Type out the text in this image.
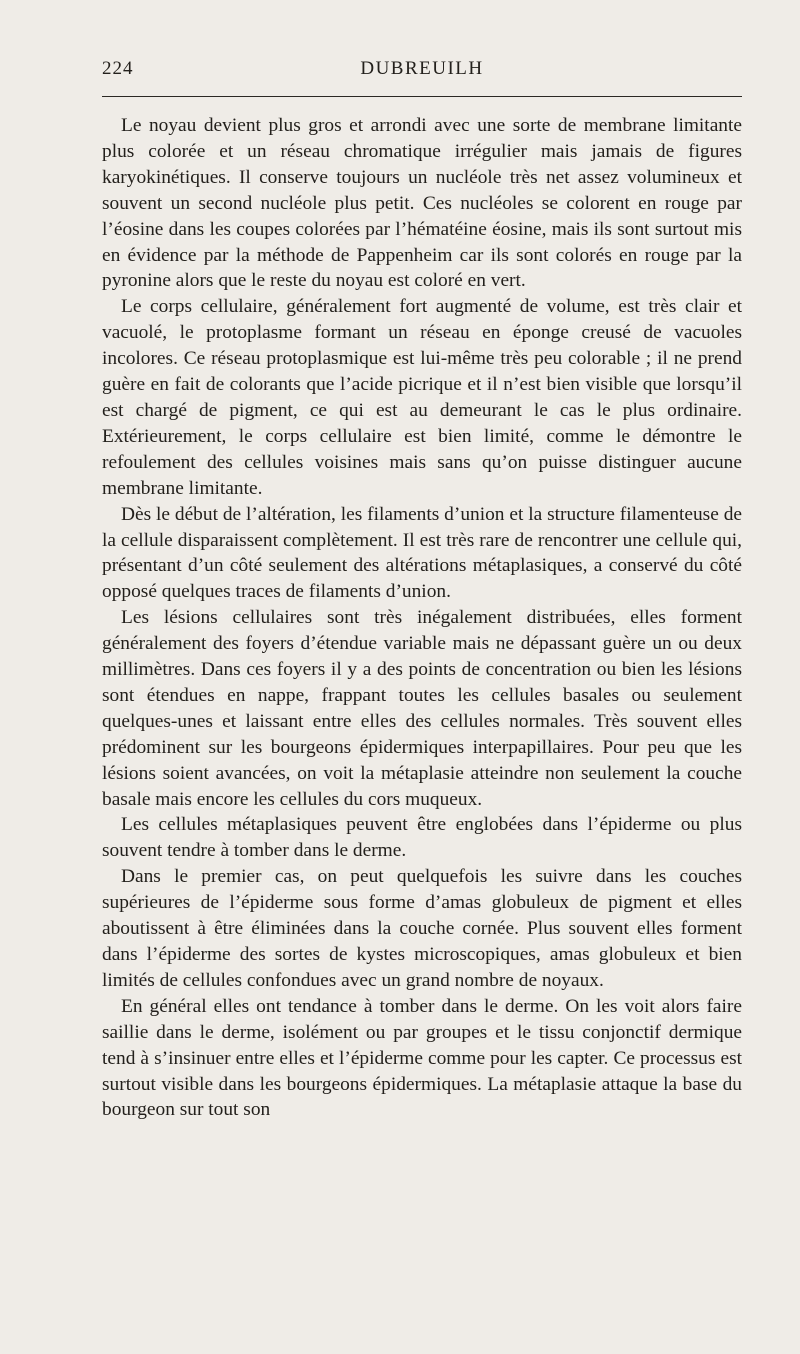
224	DUBREUILH

Le noyau devient plus gros et arrondi avec une sorte de membrane limitante plus colorée et un réseau chromatique irrégulier mais jamais de figures karyokinétiques. Il conserve toujours un nucléole très net assez volumineux et souvent un second nucléole plus petit. Ces nucléoles se colorent en rouge par l’éosine dans les coupes colorées par l’hématéine éosine, mais ils sont surtout mis en évidence par la méthode de Pappenheim car ils sont colorés en rouge par la pyronine alors que le reste du noyau est coloré en vert.

Le corps cellulaire, généralement fort augmenté de volume, est très clair et vacuolé, le protoplasme formant un réseau en éponge creusé de vacuoles incolores. Ce réseau protoplasmique est lui-même très peu colorable ; il ne prend guère en fait de colorants que l’acide picrique et il n’est bien visible que lorsqu’il est chargé de pigment, ce qui est au demeurant le cas le plus ordinaire. Extérieurement, le corps cellulaire est bien limité, comme le démontre le refoulement des cellules voisines mais sans qu’on puisse distinguer aucune membrane limitante.

Dès le début de l’altération, les filaments d’union et la structure filamenteuse de la cellule disparaissent complètement. Il est très rare de rencontrer une cellule qui, présentant d’un côté seulement des altérations métaplasiques, a conservé du côté opposé quelques traces de filaments d’union.

Les lésions cellulaires sont très inégalement distribuées, elles forment généralement des foyers d’étendue variable mais ne dépassant guère un ou deux millimètres. Dans ces foyers il y a des points de concentration ou bien les lésions sont étendues en nappe, frappant toutes les cellules basales ou seulement quelques-unes et laissant entre elles des cellules normales. Très souvent elles prédominent sur les bourgeons épidermiques interpapillaires. Pour peu que les lésions soient avancées, on voit la métaplasie atteindre non seulement la couche basale mais encore les cellules du cors muqueux.

Les cellules métaplasiques peuvent être englobées dans l’épiderme ou plus souvent tendre à tomber dans le derme.

Dans le premier cas, on peut quelquefois les suivre dans les couches supérieures de l’épiderme sous forme d’amas globuleux de pigment et elles aboutissent à être éliminées dans la couche cornée. Plus souvent elles forment dans l’épiderme des sortes de kystes microscopiques, amas globuleux et bien limités de cellules confondues avec un grand nombre de noyaux.

En général elles ont tendance à tomber dans le derme. On les voit alors faire saillie dans le derme, isolément ou par groupes et le tissu conjonctif dermique tend à s’insinuer entre elles et l’épiderme comme pour les capter. Ce processus est surtout visible dans les bourgeons épidermiques. La métaplasie attaque la base du bourgeon sur tout son
